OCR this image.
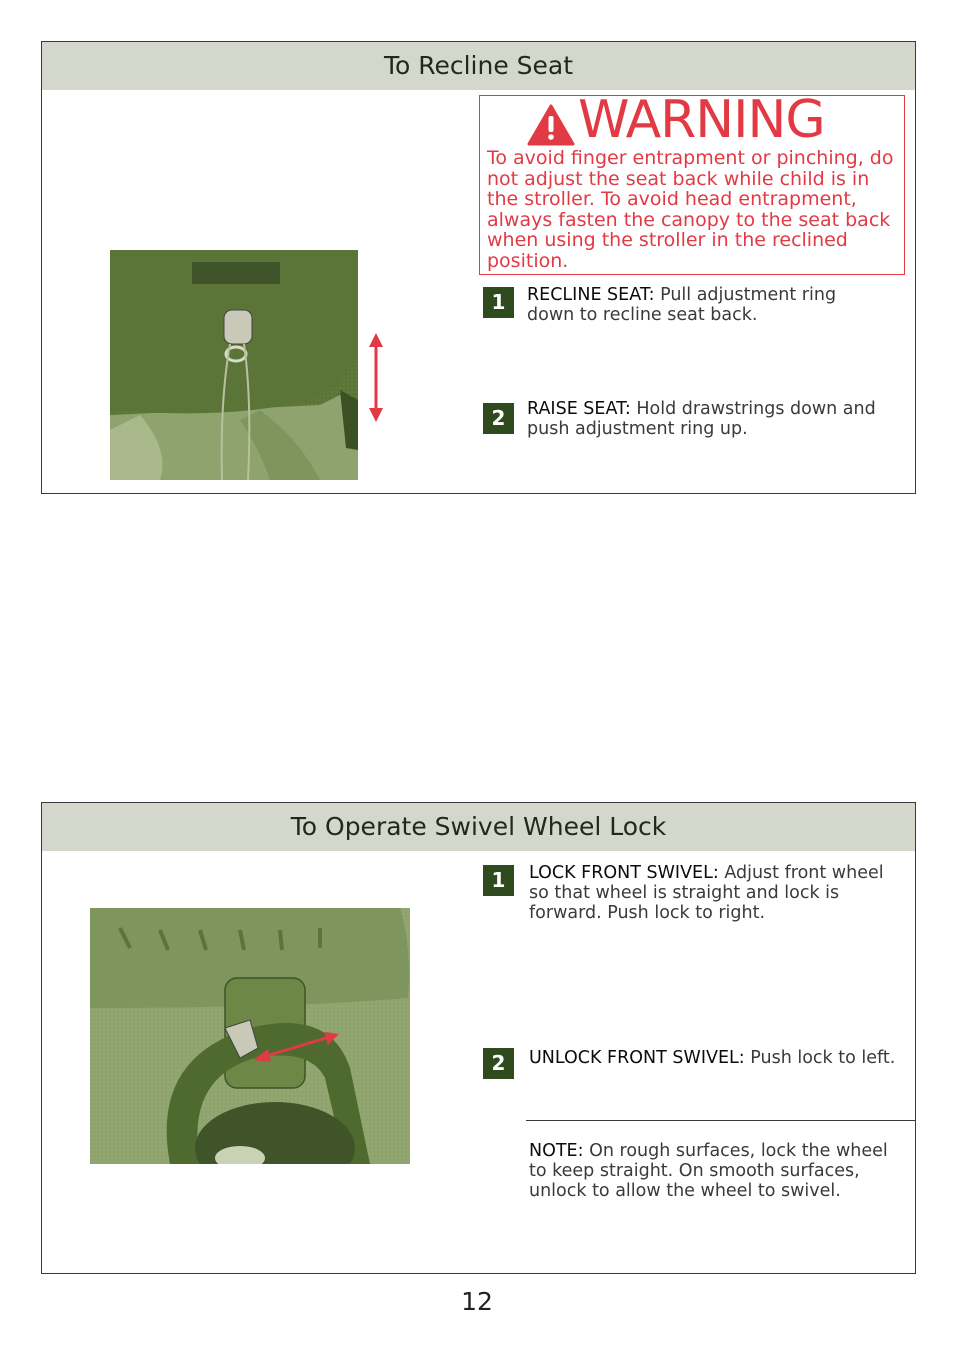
To Recline Seat
WARNING
To avoid finger entrapment or pinching, do not adjust the seat back while child is in the stroller. To avoid head entrapment, always fasten the canopy to the seat back when using the stroller in the reclined position.
1	RECLINE SEAT: Pull adjustment ring down to recline seat back.
2	RAISE SEAT: Hold drawstrings down and push adjustment ring up.
To Operate Swivel Wheel Lock
1	LOCK FRONT SWIVEL: Adjust front wheel so that wheel is straight and lock is forward. Push lock to right.
2	UNLOCK FRONT SWIVEL: Push lock to left.
NOTE: On rough surfaces, lock the wheel to keep straight. On smooth surfaces, unlock to allow the wheel to swivel.
12
